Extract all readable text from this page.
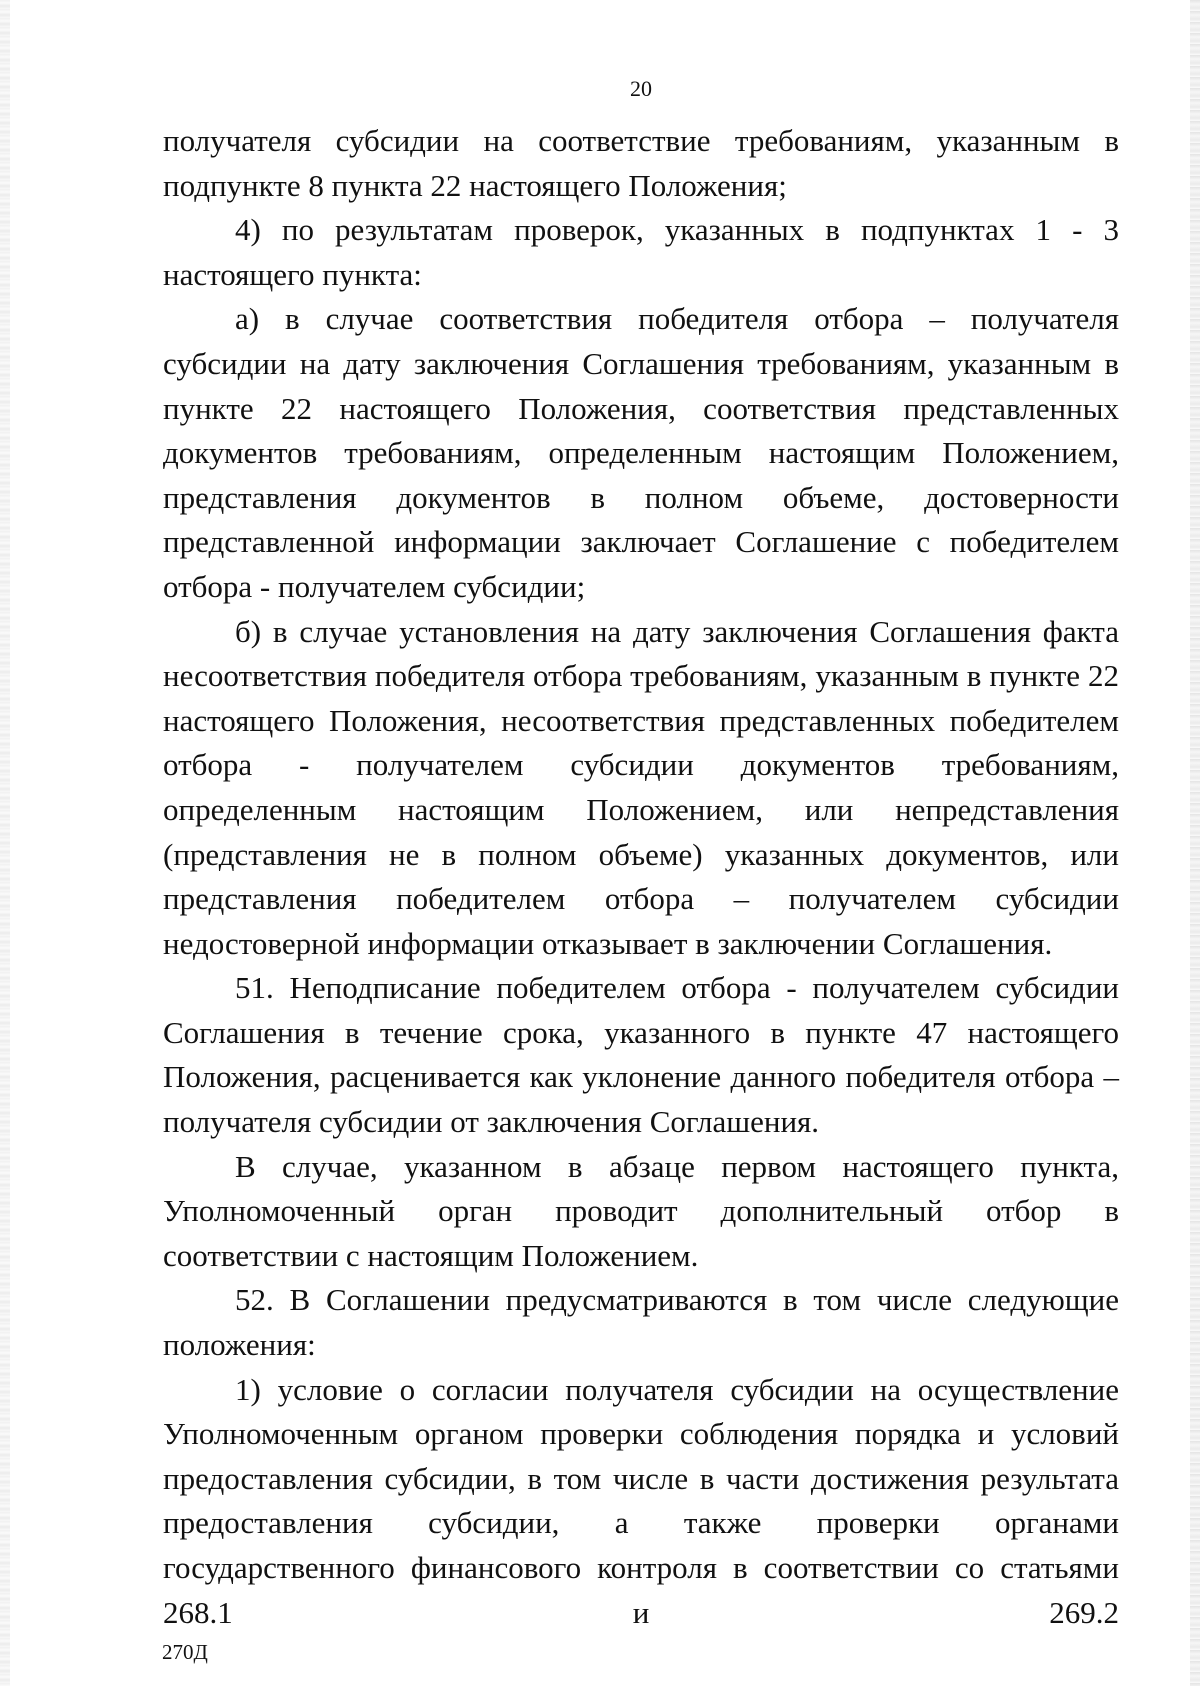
20

получателя субсидии на соответствие требованиям, указанным в подпункте 8 пункта 22 настоящего Положения;

4) по результатам проверок, указанных в подпунктах 1 - 3 настоящего пункта:

а) в случае соответствия победителя отбора – получателя субсидии на дату заключения Соглашения требованиям, указанным в пункте 22 настоящего Положения, соответствия представленных документов требованиям, определенным настоящим Положением, представления документов в полном объеме, достоверности представленной информации заключает Соглашение с победителем отбора - получателем субсидии;

б) в случае установления на дату заключения Соглашения факта несоответствия победителя отбора требованиям, указанным в пункте 22 настоящего Положения, несоответствия представленных победителем отбора - получателем субсидии документов требованиям, определенным настоящим Положением, или непредставления (представления не в полном объеме) указанных документов, или представления победителем отбора – получателем субсидии недостоверной информации отказывает в заключении Соглашения.

51. Неподписание победителем отбора - получателем субсидии Соглашения в течение срока, указанного в пункте 47 настоящего Положения, расценивается как уклонение данного победителя отбора – получателя субсидии от заключения Соглашения.

В случае, указанном в абзаце первом настоящего пункта, Уполномоченный орган проводит дополнительный отбор в соответствии с настоящим Положением.

52. В Соглашении предусматриваются в том числе следующие положения:

1) условие о согласии получателя субсидии на осуществление Уполномоченным органом проверки соблюдения порядка и условий предоставления субсидии, в том числе в части достижения результата предоставления субсидии, а также проверки органами государственного финансового контроля в соответствии со статьями 268.1 и 269.2

270Д
